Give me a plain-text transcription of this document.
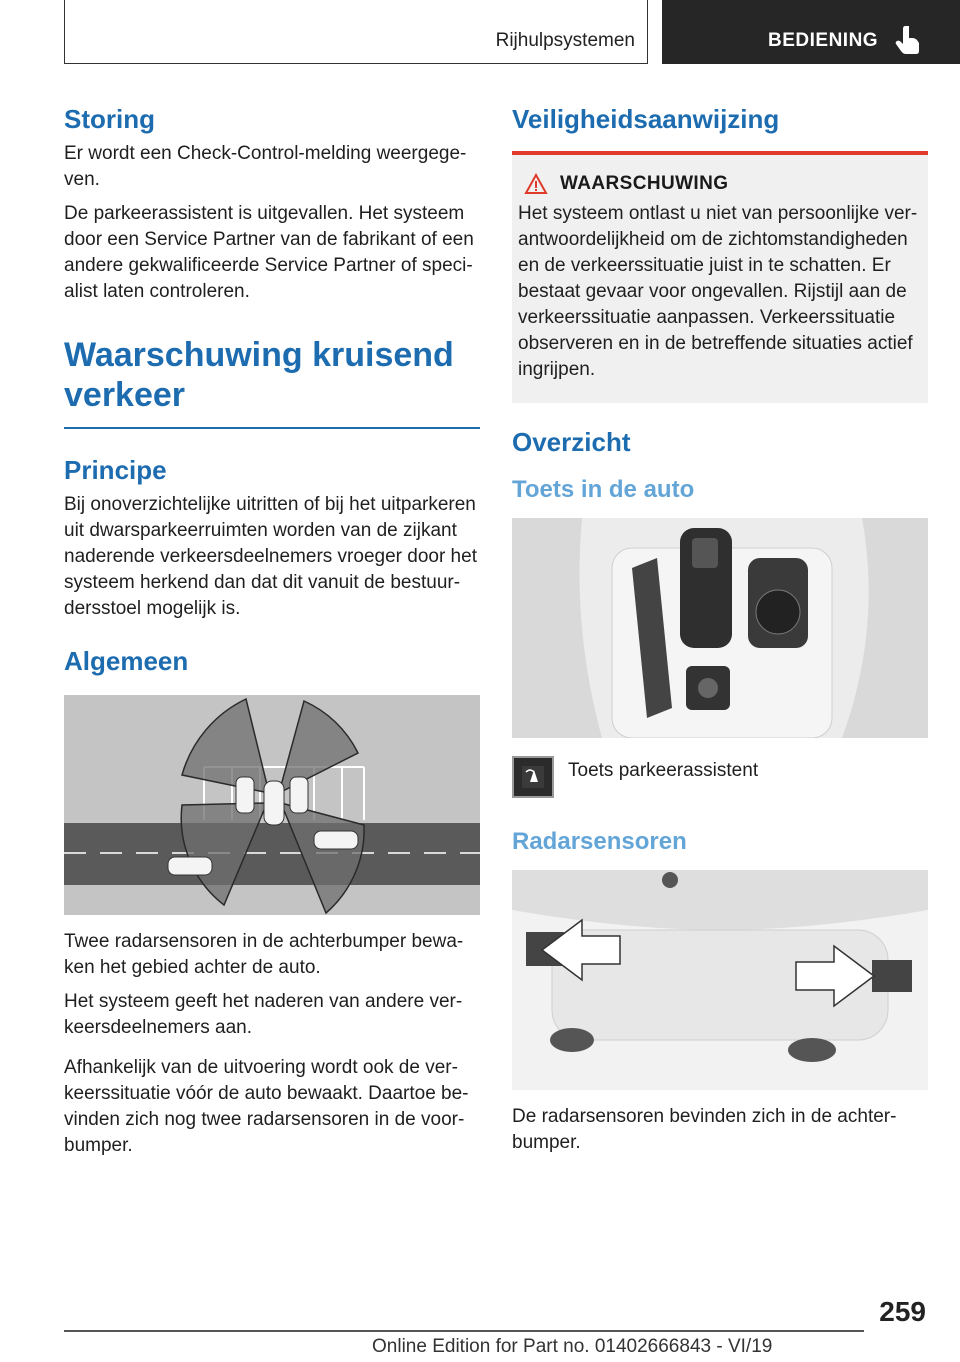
Rijhulpsystemen	BEDIENING
Storing

Er wordt een Check-Control-melding weergege-ven.

De parkeerassistent is uitgevallen. Het systeem door een Service Partner van de fabrikant of een andere gekwalificeerde Service Partner of speci-alist laten controleren.

Waarschuwing kruisend verkeer
Principe

Bij onoverzichtelijke uitritten of bij het uitparkeren uit dwarsparkeerruimten worden van de zijkant naderende verkeersdeelnemers vroeger door het systeem herkend dan dat dit vanuit de bestuur-dersstoel mogelijk is.

Algemeen

Twee radarsensoren in de achterbumper bewa-ken het gebied achter de auto.

Het systeem geeft het naderen van andere ver-keersdeelnemers aan.

Afhankelijk van de uitvoering wordt ook de ver-keerssituatie vóór de auto bewaakt. Daartoe be-vinden zich nog twee radarsensoren in de voor-bumper.

Veiligheidsaanwijzing
WAARSCHUWING

Het systeem ontlast u niet van persoonlijke ver-antwoordelijkheid om de zichtomstandigheden en de verkeerssituatie juist in te schatten. Er bestaat gevaar voor ongevallen. Rijstijl aan de verkeerssituatie aanpassen. Verkeerssituatie observeren en in de betreffende situaties actief ingrijpen.

Overzicht
Toets in de auto

Toets parkeerassistent

Radarsensoren

De radarsensoren bevinden zich in de achter-bumper.

259
Online Edition for Part no. 01402666843 - VI/19
